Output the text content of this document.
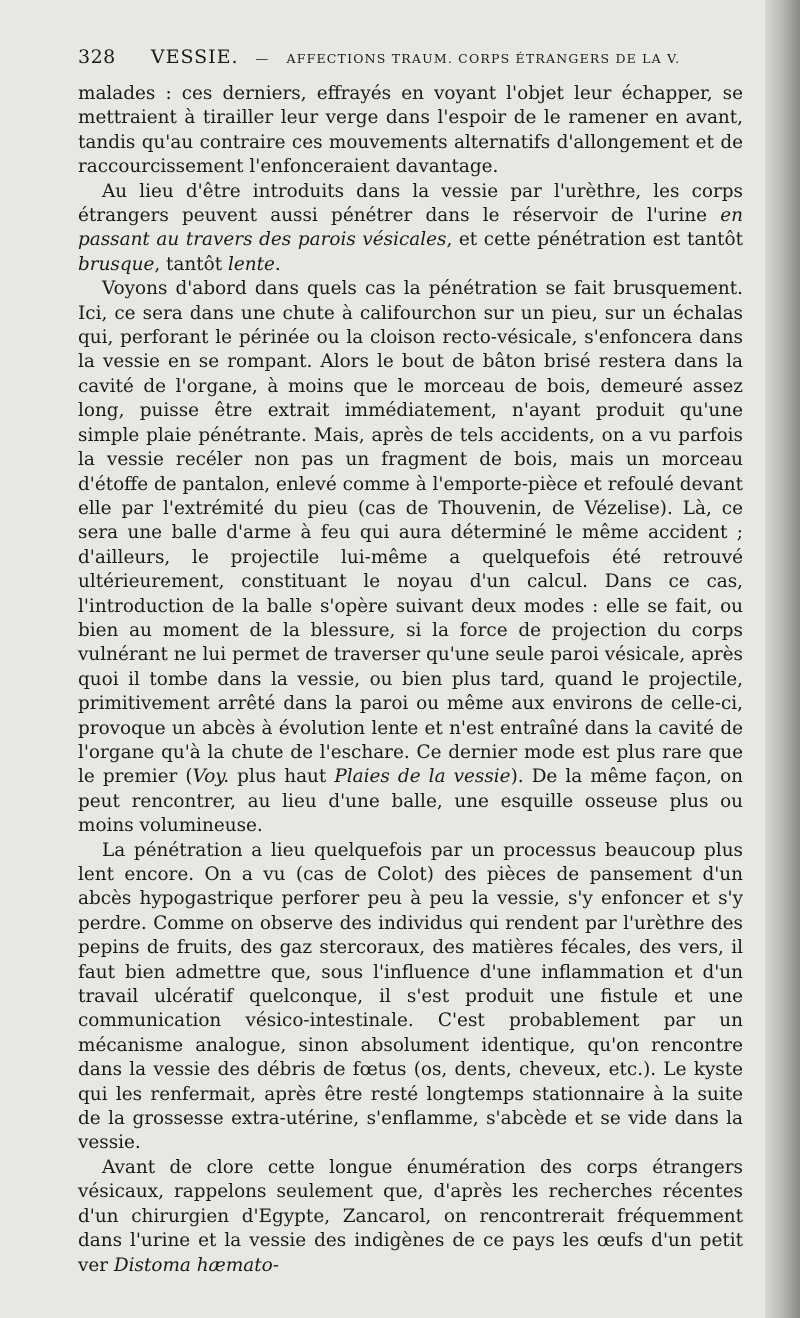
328 VESSIE. — AFFECTIONS TRAUM. CORPS ÉTRANGERS DE LA V.

malades : ces derniers, effrayés en voyant l'objet leur échapper, se mettraient à tirailler leur verge dans l'espoir de le ramener en avant, tandis qu'au contraire ces mouvements alternatifs d'allongement et de raccourcissement l'enfonceraient davantage.

Au lieu d'être introduits dans la vessie par l'urèthre, les corps étrangers peuvent aussi pénétrer dans le réservoir de l'urine en passant au travers des parois vésicales, et cette pénétration est tantôt brusque, tantôt lente.

Voyons d'abord dans quels cas la pénétration se fait brusquement. Ici, ce sera dans une chute à califourchon sur un pieu, sur un échalas qui, perforant le périnée ou la cloison recto-vésicale, s'enfoncera dans la vessie en se rompant. Alors le bout de bâton brisé restera dans la cavité de l'organe, à moins que le morceau de bois, demeuré assez long, puisse être extrait immédiatement, n'ayant produit qu'une simple plaie pénétrante. Mais, après de tels accidents, on a vu parfois la vessie recéler non pas un fragment de bois, mais un morceau d'étoffe de pantalon, enlevé comme à l'emporte-pièce et refoulé devant elle par l'extrémité du pieu (cas de Thouvenin, de Vézelise). Là, ce sera une balle d'arme à feu qui aura déterminé le même accident ; d'ailleurs, le projectile lui-même a quelquefois été retrouvé ultérieurement, constituant le noyau d'un calcul. Dans ce cas, l'introduction de la balle s'opère suivant deux modes : elle se fait, ou bien au moment de la blessure, si la force de projection du corps vulnérant ne lui permet de traverser qu'une seule paroi vésicale, après quoi il tombe dans la vessie, ou bien plus tard, quand le projectile, primitivement arrêté dans la paroi ou même aux environs de celle-ci, provoque un abcès à évolution lente et n'est entraîné dans la cavité de l'organe qu'à la chute de l'eschare. Ce dernier mode est plus rare que le premier (Voy. plus haut Plaies de la vessie). De la même façon, on peut rencontrer, au lieu d'une balle, une esquille osseuse plus ou moins volumineuse.

La pénétration a lieu quelquefois par un processus beaucoup plus lent encore. On a vu (cas de Colot) des pièces de pansement d'un abcès hypogastrique perforer peu à peu la vessie, s'y enfoncer et s'y perdre. Comme on observe des individus qui rendent par l'urèthre des pepins de fruits, des gaz stercoraux, des matières fécales, des vers, il faut bien admettre que, sous l'influence d'une inflammation et d'un travail ulcératif quelconque, il s'est produit une fistule et une communication vésico-intestinale. C'est probablement par un mécanisme analogue, sinon absolument identique, qu'on rencontre dans la vessie des débris de fœtus (os, dents, cheveux, etc.). Le kyste qui les renfermait, après être resté longtemps stationnaire à la suite de la grossesse extra-utérine, s'enflamme, s'abcède et se vide dans la vessie.

Avant de clore cette longue énumération des corps étrangers vésicaux, rappelons seulement que, d'après les recherches récentes d'un chirurgien d'Egypte, Zancarol, on rencontrerait fréquemment dans l'urine et la vessie des indigènes de ce pays les œufs d'un petit ver Distoma hæmato-
